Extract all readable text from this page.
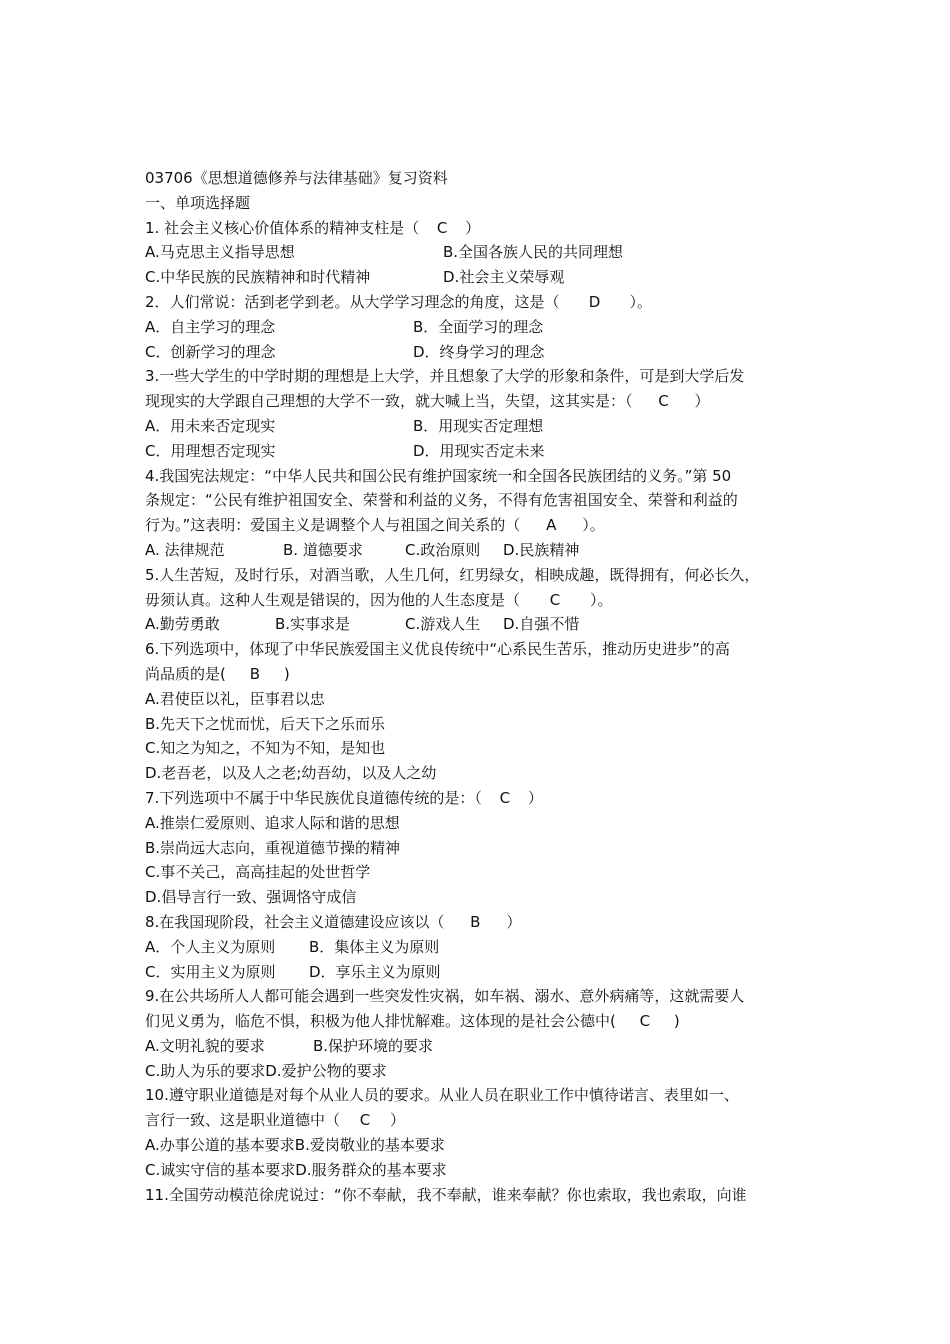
03706《思想道德修养与法律基础》复习资料
一、单项选择题
1. 社会主义核心价值体系的精神支柱是（ C ）
A.马克思主义指导思想	B.全国各族人民的共同理想
C.中华民族的民族精神和时代精神	D.社会主义荣辱观
2．人们常说：活到老学到老。从大学学习理念的角度，这是（ D ）。
A．自主学习的理念	B．全面学习的理念
C．创新学习的理念	D．终身学习的理念
3.一些大学生的中学时期的理想是上大学，并且想象了大学的形象和条件，可是到大学后发
现现实的大学跟自己理想的大学不一致，就大喊上当，失望，这其实是：（ C ）
A．用未来否定现实	B．用现实否定理想
C．用理想否定现实	D．用现实否定未来
4.我国宪法规定：“中华人民共和国公民有维护国家统一和全国各民族团结的义务。”第 50
条规定：“公民有维护祖国安全、荣誉和利益的义务，不得有危害祖国安全、荣誉和利益的
行为。”这表明：爱国主义是调整个人与祖国之间关系的（ A ）。
A. 法律规范	B. 道德要求	C.政治原则	D.民族精神
5.人生苦短，及时行乐，对酒当歌，人生几何，红男绿女，相映成趣，既得拥有，何必长久，
毋须认真。这种人生观是错误的，因为他的人生态度是（ C ）。
A.勤劳勇敢	B.实事求是	C.游戏人生	D.自强不惜
6.下列选项中，体现了中华民族爱国主义优良传统中“心系民生苦乐，推动历史进步”的高
尚品质的是( B )
A.君使臣以礼，臣事君以忠
B.先天下之忧而忧，后天下之乐而乐
C.知之为知之，不知为不知，是知也
D.老吾老，以及人之老;幼吾幼，以及人之幼
7.下列选项中不属于中华民族优良道德传统的是：（ C ）
A.推崇仁爱原则、追求人际和谐的思想
B.崇尚远大志向，重视道德节操的精神
C.事不关己，高高挂起的处世哲学
D.倡导言行一致、强调恪守成信
8.在我国现阶段，社会主义道德建设应该以（ B ）
A．个人主义为原则	B．集体主义为原则
C．实用主义为原则	D．享乐主义为原则
9.在公共场所人人都可能会遇到一些突发性灾祸，如车祸、溺水、意外病痛等，这就需要人
们见义勇为，临危不惧，积极为他人排忧解难。这体现的是社会公德中( C )
A.文明礼貌的要求	B.保护环境的要求
C.助人为乐的要求 D.爱护公物的要求
10.遵守职业道德是对每个从业人员的要求。从业人员在职业工作中慎待诺言、表里如一、
言行一致、这是职业道德中（ C ）
A.办事公道的基本要求 B.爱岗敬业的基本要求
C.诚实守信的基本要求 D.服务群众的基本要求
11.全国劳动模范徐虎说过：“你不奉献，我不奉献，谁来奉献？你也索取，我也索取，向谁
